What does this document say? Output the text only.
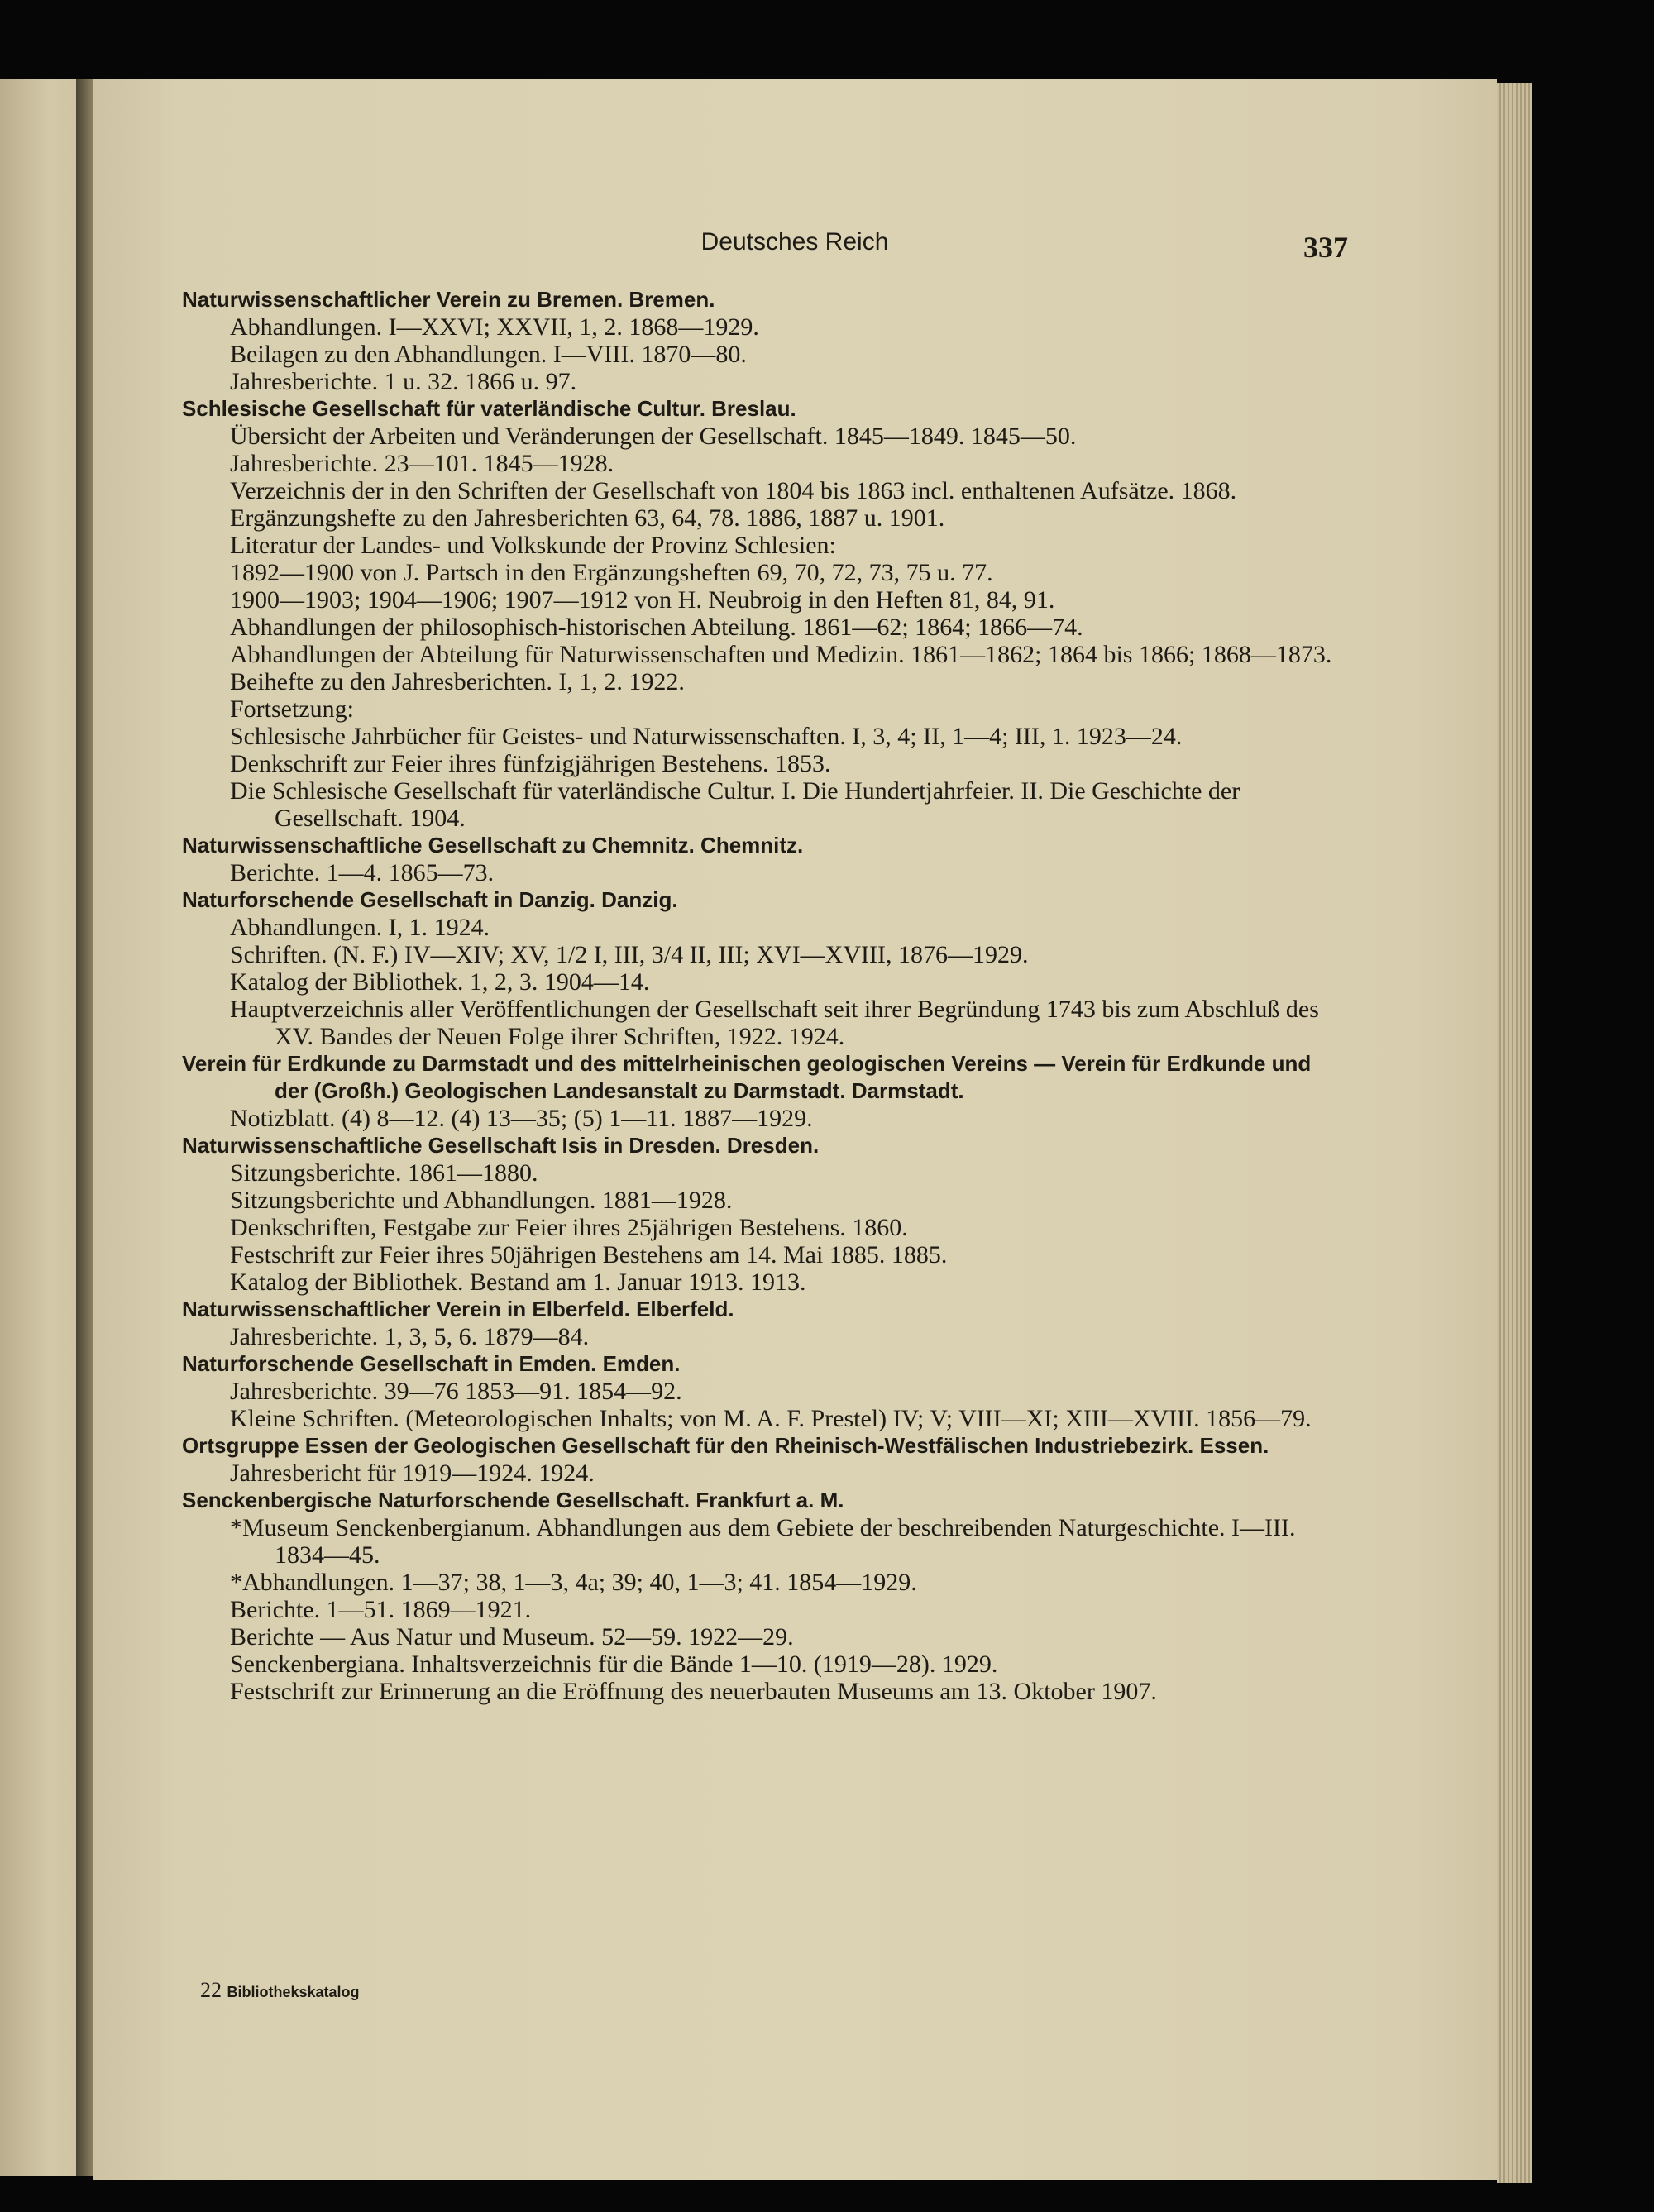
Deutsches Reich	337
Naturwissenschaftlicher Verein zu Bremen. Bremen.
Abhandlungen. I—XXVI; XXVII, 1, 2. 1868—1929.
Beilagen zu den Abhandlungen. I—VIII. 1870—80.
Jahresberichte. 1 u. 32. 1866 u. 97.
Schlesische Gesellschaft für vaterländische Cultur. Breslau.
Übersicht der Arbeiten und Veränderungen der Gesellschaft. 1845—1849. 1845—50.
Jahresberichte. 23—101. 1845—1928.
Verzeichnis der in den Schriften der Gesellschaft von 1804 bis 1863 incl. enthaltenen Aufsätze. 1868.
Ergänzungshefte zu den Jahresberichten 63, 64, 78. 1886, 1887 u. 1901.
Literatur der Landes- und Volkskunde der Provinz Schlesien:
1892—1900 von J. Partsch in den Ergänzungsheften 69, 70, 72, 73, 75 u. 77.
1900—1903; 1904—1906; 1907—1912 von H. Neubroig in den Heften 81, 84, 91.
Abhandlungen der philosophisch-historischen Abteilung. 1861—62; 1864; 1866—74.
Abhandlungen der Abteilung für Naturwissenschaften und Medizin. 1861—1862; 1864 bis 1866; 1868—1873.
Beihefte zu den Jahresberichten. I, 1, 2. 1922.
Fortsetzung:
Schlesische Jahrbücher für Geistes- und Naturwissenschaften. I, 3, 4; II, 1—4; III, 1. 1923—24.
Denkschrift zur Feier ihres fünfzigjährigen Bestehens. 1853.
Die Schlesische Gesellschaft für vaterländische Cultur. I. Die Hundertjahrfeier. II. Die Geschichte der Gesellschaft. 1904.
Naturwissenschaftliche Gesellschaft zu Chemnitz. Chemnitz.
Berichte. 1—4. 1865—73.
Naturforschende Gesellschaft in Danzig. Danzig.
Abhandlungen. I, 1. 1924.
Schriften. (N. F.) IV—XIV; XV, 1/2 I, III, 3/4 II, III; XVI—XVIII, 1876—1929.
Katalog der Bibliothek. 1, 2, 3. 1904—14.
Hauptverzeichnis aller Veröffentlichungen der Gesellschaft seit ihrer Begründung 1743 bis zum Abschluß des XV. Bandes der Neuen Folge ihrer Schriften, 1922. 1924.
Verein für Erdkunde zu Darmstadt und des mittelrheinischen geologischen Vereins — Verein für Erdkunde und der (Großh.) Geologischen Landesanstalt zu Darmstadt. Darmstadt.
Notizblatt. (4) 8—12. (4) 13—35; (5) 1—11. 1887—1929.
Naturwissenschaftliche Gesellschaft Isis in Dresden. Dresden.
Sitzungsberichte. 1861—1880.
Sitzungsberichte und Abhandlungen. 1881—1928.
Denkschriften, Festgabe zur Feier ihres 25jährigen Bestehens. 1860.
Festschrift zur Feier ihres 50jährigen Bestehens am 14. Mai 1885. 1885.
Katalog der Bibliothek. Bestand am 1. Januar 1913. 1913.
Naturwissenschaftlicher Verein in Elberfeld. Elberfeld.
Jahresberichte. 1, 3, 5, 6. 1879—84.
Naturforschende Gesellschaft in Emden. Emden.
Jahresberichte. 39—76 1853—91. 1854—92.
Kleine Schriften. (Meteorologischen Inhalts; von M. A. F. Prestel) IV; V; VIII—XI; XIII—XVIII. 1856—79.
Ortsgruppe Essen der Geologischen Gesellschaft für den Rheinisch-Westfälischen Industriebezirk. Essen.
Jahresbericht für 1919—1924. 1924.
Senckenbergische Naturforschende Gesellschaft. Frankfurt a. M.
*Museum Senckenbergianum. Abhandlungen aus dem Gebiete der beschreibenden Naturgeschichte. I—III. 1834—45.
*Abhandlungen. 1—37; 38, 1—3, 4a; 39; 40, 1—3; 41. 1854—1929.
Berichte. 1—51. 1869—1921.
Berichte — Aus Natur und Museum. 52—59. 1922—29.
Senckenbergiana. Inhaltsverzeichnis für die Bände 1—10. (1919—28). 1929.
Festschrift zur Erinnerung an die Eröffnung des neuerbauten Museums am 13. Oktober 1907.
22 Bibliothekskatalog
